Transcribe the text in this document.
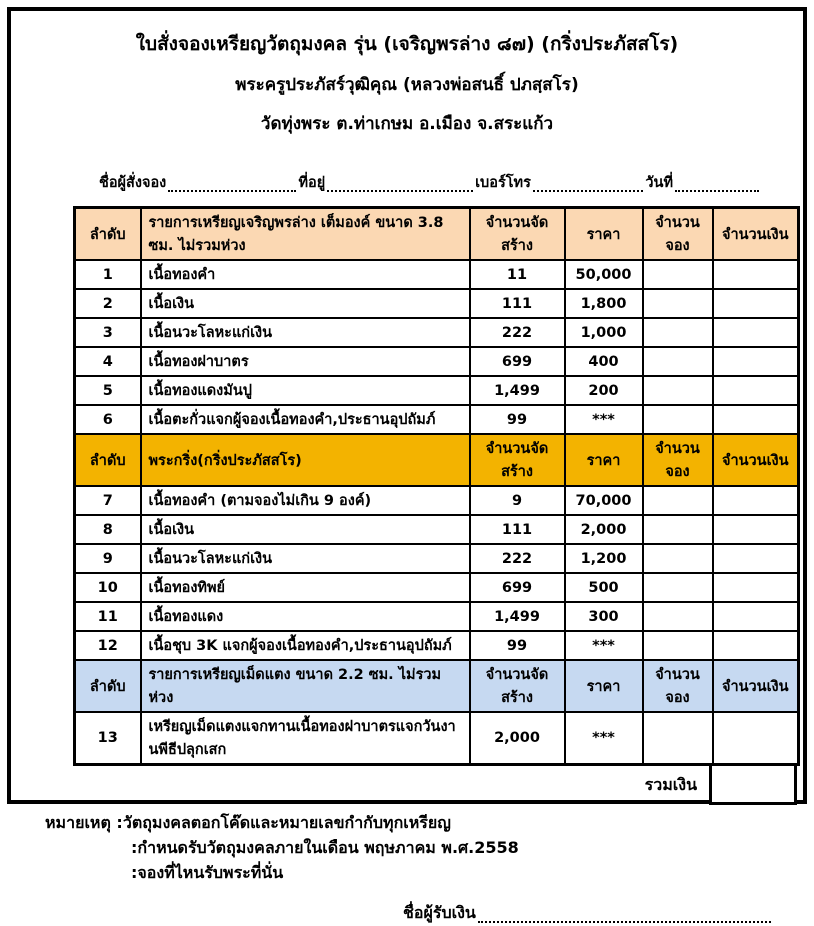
ใบสั่งจองเหรียญวัตถุมงคล รุ่น (เจริญพรล่าง ๘๗) (กริ่งประภัสสโร)

พระครูประภัสร์วุฒิคุณ (หลวงพ่อสนธิ์ ปภสฺสโร)

วัดทุ่งพระ ต.ท่าเกษม อ.เมือง จ.สระแก้ว

ชื่อผู้สั่งจอง	ที่อยู่	เบอร์โทร	วันที่
ลำดับ	รายการเหรียญเจริญพรล่าง เต็มองค์ ขนาด 3.8 ซม. ไม่รวมห่วง	จำนวนจัดสร้าง	ราคา	จำนวนจอง	จำนวนเงิน
1	เนื้อทองคำ	11	50,000		
2	เนื้อเงิน	111	1,800		
3	เนื้อนวะโลหะแก่เงิน	222	1,000		
4	เนื้อทองฝาบาตร	699	400		
5	เนื้อทองแดงมันปู	1,499	200		
6	เนื้อตะกั่วแจกผู้จองเนื้อทองคำ,ประธานอุปถัมภ์	99	***		
ลำดับ	พระกริ่ง(กริ่งประภัสสโร)	จำนวนจัดสร้าง	ราคา	จำนวนจอง	จำนวนเงิน
7	เนื้อทองคำ (ตามจองไม่เกิน 9 องค์)	9	70,000		
8	เนื้อเงิน	111	2,000		
9	เนื้อนวะโลหะแก่เงิน	222	1,200		
10	เนื้อทองทิพย์	699	500		
11	เนื้อทองแดง	1,499	300		
12	เนื้อชุบ 3K แจกผู้จองเนื้อทองคำ,ประธานอุปถัมภ์	99	***		
ลำดับ	รายการเหรียญเม็ดแตง ขนาด 2.2 ซม. ไม่รวมห่วง	จำนวนจัดสร้าง	ราคา	จำนวนจอง	จำนวนเงิน
13	เหรียญเม็ดแตงแจกทานเนื้อทองฝาบาตรแจกวันงานพีธีปลุกเสก	2,000	***		
รวมเงิน

หมายเหตุ :วัตถุมงคลตอกโค๊ดและหมายเลขกำกับทุกเหรียญ

:กำหนดรับวัตถุมงคลภายในเดือน พฤษภาคม พ.ศ.2558

:จองที่ไหนรับพระที่นั่น

ชื่อผู้รับเงิน
